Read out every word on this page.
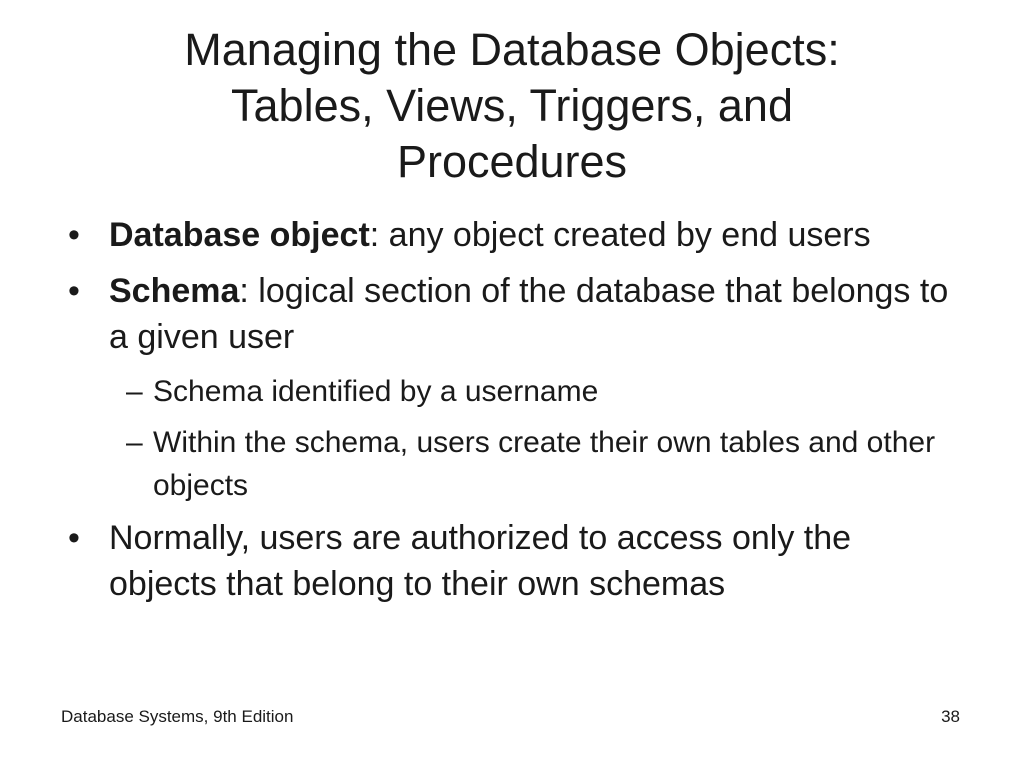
Managing the Database Objects:
Tables, Views, Triggers, and
Procedures
• Database object: any object created by end users
• Schema: logical section of the database that belongs to a given user
– Schema identified by a username
– Within the schema, users create their own tables and other objects
• Normally, users are authorized to access only the objects that belong to their own schemas
Database Systems, 9th Edition	38
